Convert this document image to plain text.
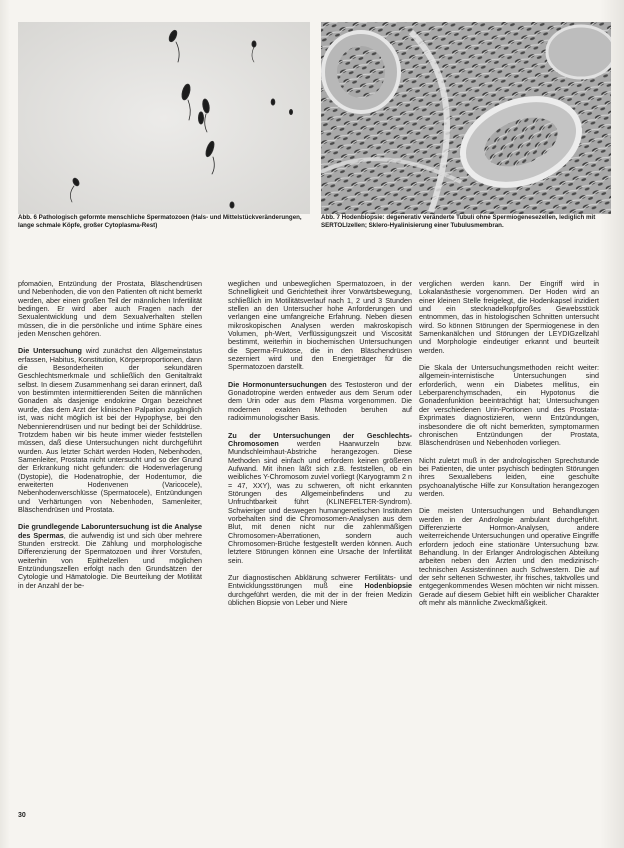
Abb. 6 Pathologisch geformte menschliche Spermatozoen (Hals- und Mittelstückveränderungen, lange schmale Köpfe, großer Cytoplasma-Rest)
Abb. 7 Hodenbiopsie: degenerativ veränderte Tubuli ohne Spermiogenesezellen, lediglich mit SERTOLIzellen; Sklero-Hyalinisierung einer Tubulusmembran.

pfomaöien, Entzündung der Prostata, Bläschendrüsen und Nebenhoden, die von den Patienten oft nicht bemerkt werden, aber einen großen Teil der männlichen Infertilität bedingen. Er wird aber auch Fragen nach der Sexualentwicklung und dem Sexualverhalten stellen müssen, die in die persönliche und intime Sphäre eines jeden Menschen gehören.

Die Untersuchung wird zunächst den Allgemeinstatus erfassen, Habitus, Konstitution, Körperproportionen, dann die Besonderheiten der sekundären Geschlechtsmerkmale und schließlich den Genitaltrakt selbst. In diesem Zusammenhang sei daran erinnert, daß von bestimmten intermittierenden Seiten die männlichen Gonaden als dasjenige endokrine Organ bezeichnet wurde, das dem Arzt der klinischen Palpation zugänglich ist, was nicht möglich ist bei der Hypophyse, bei den Nebennierendrüsen und nur bedingt bei der Schilddrüse. Trotzdem haben wir bis heute immer wieder feststellen müssen, daß diese Untersuchungen nicht durchgeführt wurden. Aus letzter Schärt werden Hoden, Nebenhoden, Samenleiter, Prostata nicht untersucht und so der Grund der Erkrankung nicht gefunden: die Hodenverlagerung (Dystopie), die Hodenatrophie, der Hodentumor, die erweiterten Hodenvenen (Varicocele), Nebenhodenverschlüsse (Spermatocele), Entzündungen und Verhärtungen von Nebenhoden, Samenleiter, Bläschendrüsen und Prostata.

Die grundlegende Laboruntersuchung ist die Analyse des Spermas, die aufwendig ist und sich über mehrere Stunden erstreckt. Die Zählung und morphologische Differenzierung der Spermatozoen und ihrer Vorstufen, weiterhin von Epithelzellen und möglichen Entzündungszellen erfolgt nach den Grundsätzen der Cytologie und Hämatologie. Die Beurteilung der Motilität in der Anzahl der be-

weglichen und unbeweglichen Spermatozoen, in der Schnelligkeit und Gerichtetheit ihrer Vorwärtsbewegung, schließlich im Motilitätsverlauf nach 1, 2 und 3 Stunden stellen an den Untersucher hohe Anforderungen und verlangen eine umfangreiche Erfahrung. Neben diesen mikroskopischen Analysen werden makroskopisch Volumen, ph-Wert, Verflüssigungszeit und Viscosität bestimmt, weiterhin in biochemischen Untersuchungen die Sperma-Fruktose, die in den Bläschendrüsen sezerniert wird und den Energieträger für die Spermatozoen darstellt.

Die Hormonuntersuchungen des Testosteron und der Gonadotropine werden entweder aus dem Serum oder dem Urin oder aus dem Plasma vorgenommen. Die modernen exakten Methoden beruhen auf radioimmunologischer Basis.

Zu der Untersuchungen der Geschlechts-Chromosomen werden Haarwurzeln bzw. Mundschleimhaut-Abstriche herangezogen. Diese Methoden sind einfach und erfordern keinen größeren Aufwand. Mit ihnen läßt sich z.B. feststellen, ob ein weibliches Y-Chromosom zuviel vorliegt (Karyogramm 2 n = 47, XXY), was zu schweren, oft nicht erkannten Störungen des Allgemeinbefindens und zu Unfruchtbarkeit führt (KLINEFELTER-Syndrom). Schwieriger und deswegen humangenetischen Instituten vorbehalten sind die Chromosomen-Analysen aus dem Blut, mit denen nicht nur die zahlenmäßigen Chromosomen-Aberrationen, sondern auch Chromosomen-Brüche festgestellt werden können. Auch letztere Störungen können eine Ursache der Infertilität sein.

Zur diagnostischen Abklärung schwerer Fertilitäts- und Entwicklungsstörungen muß eine Hodenbiopsie durchgeführt werden, die mit der in der freien Medizin üblichen Biopsie von Leber und Niere

verglichen werden kann. Der Eingriff wird in Lokalanästhesie vorgenommen. Der Hoden wird an einer kleinen Stelle freigelegt, die Hodenkapsel inzidiert und ein stecknadelkopfgroßes Gewebsstück entnommen, das in histologischen Schnitten untersucht wird. So können Störungen der Spermiogenese in den Samenkanälchen und Störungen der LEYDIGzellzahl und Morphologie eindeutiger erkannt und beurteilt werden.

Die Skala der Untersuchungsmethoden reicht weiter: allgemein-internistische Untersuchungen sind erforderlich, wenn ein Diabetes mellitus, ein Leberparenchymschaden, ein Hypotonus die Gonadenfunktion beeinträchtigt hat; Untersuchungen der verschiedenen Urin-Portionen und des Prostata-Exprimates diagnostizieren, wenn Entzündungen, insbesondere die oft nicht bemerkten, symptomarmen chronischen Entzündungen der Prostata, Bläschendrüsen und Nebenhoden vorliegen.

Nicht zuletzt muß in der andrologischen Sprechstunde bei Patienten, die unter psychisch bedingten Störungen ihres Sexuallebens leiden, eine geschulte psychoanalytische Hilfe zur Konsultation herangezogen werden.

Die meisten Untersuchungen und Behandlungen werden in der Andrologie ambulant durchgeführt. Differenzierte Hormon-Analysen, andere weiterreichende Untersuchungen und operative Eingriffe erfordern jedoch eine stationäre Untersuchung bzw. Behandlung. In der Erlanger Andrologischen Abteilung arbeiten neben den Ärzten und den medizinisch-technischen Assistentinnen auch Schwestern. Die auf der sehr seltenen Schwester, ihr frisches, taktvolles und entgegenkommendes Wesen möchten wir nicht missen. Gerade auf diesem Gebiet hilft ein weiblicher Charakter oft mehr als männliche Zweckmäßigkeit.

30
